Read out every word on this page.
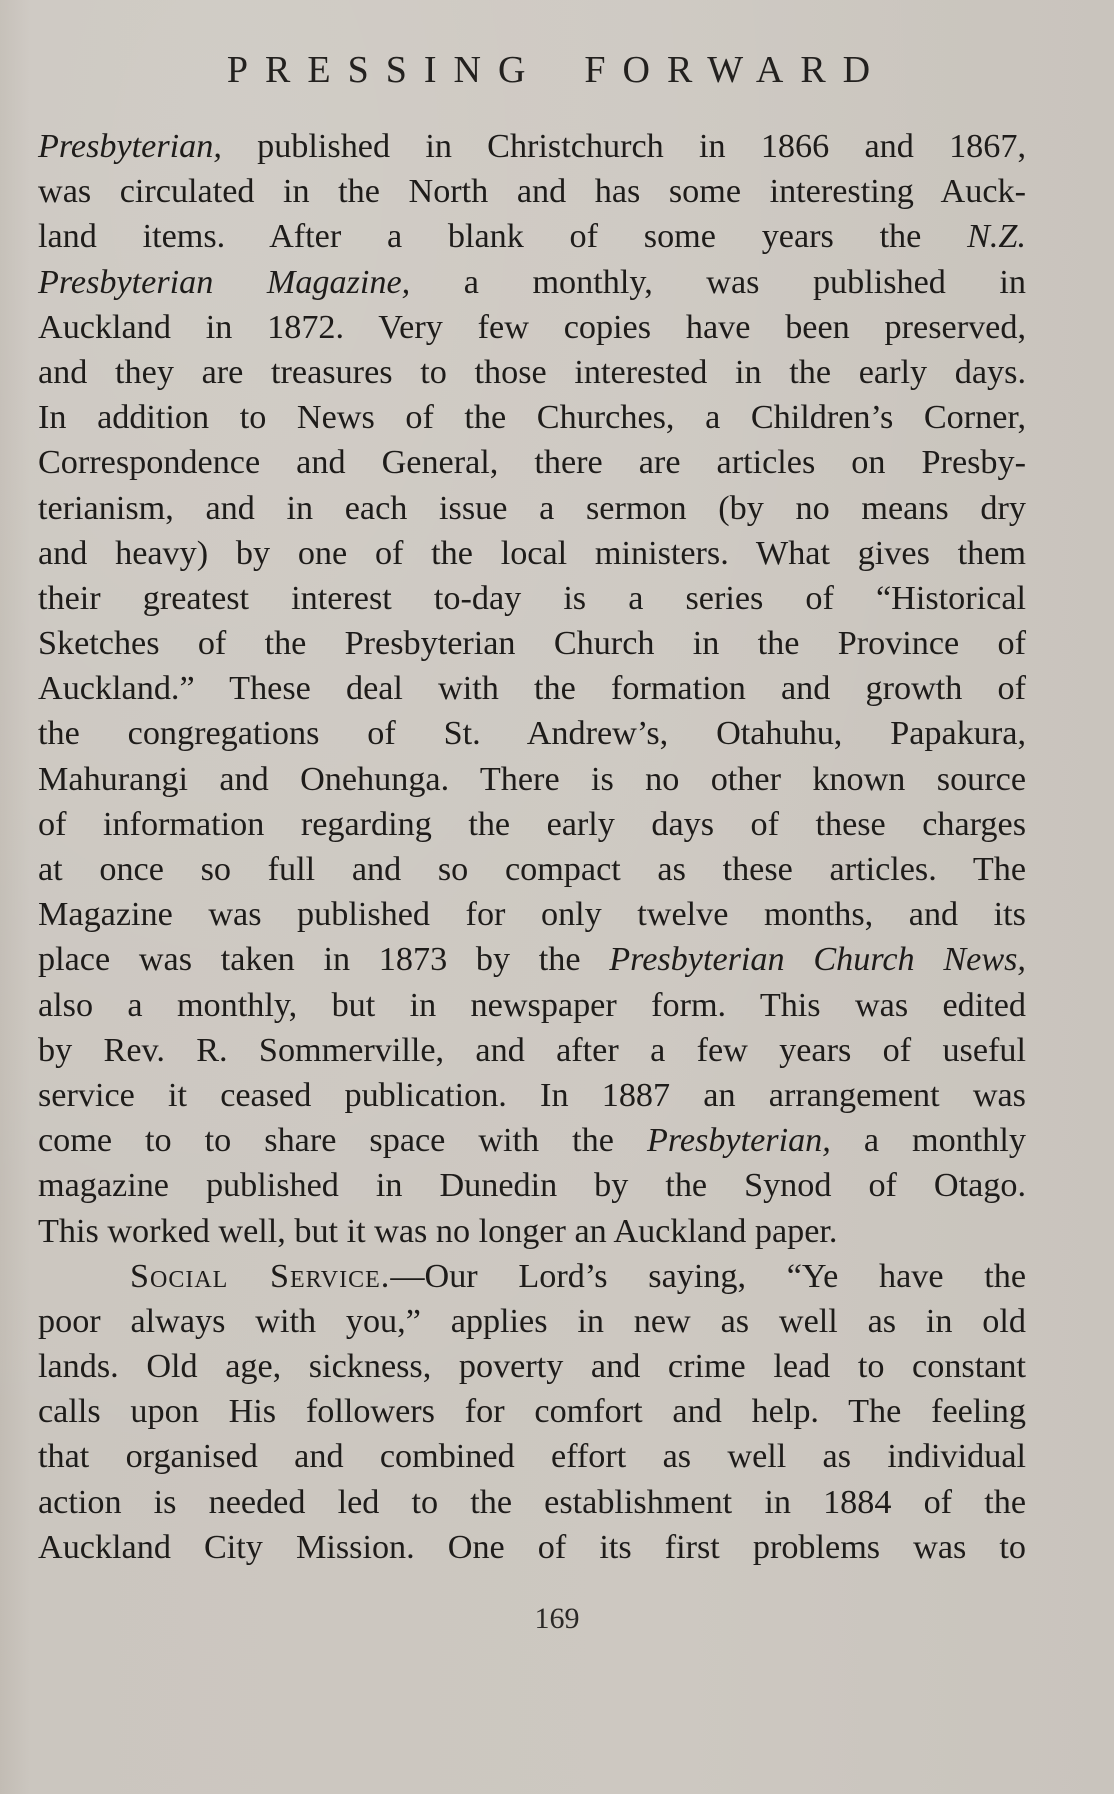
PRESSING FORWARD
Presbyterian, published in Christchurch in 1866 and 1867,
was circulated in the North and has some interesting Auck-
land items. After a blank of some years the N.Z.
Presbyterian Magazine, a monthly, was published in
Auckland in 1872. Very few copies have been preserved,
and they are treasures to those interested in the early days.
In addition to News of the Churches, a Children’s Corner,
Correspondence and General, there are articles on Presby-
terianism, and in each issue a sermon (by no means dry
and heavy) by one of the local ministers. What gives them
their greatest interest to-day is a series of “Historical
Sketches of the Presbyterian Church in the Province of
Auckland.” These deal with the formation and growth of
the congregations of St. Andrew’s, Otahuhu, Papakura,
Mahurangi and Onehunga. There is no other known source
of information regarding the early days of these charges
at once so full and so compact as these articles. The
Magazine was published for only twelve months, and its
place was taken in 1873 by the Presbyterian Church News,
also a monthly, but in newspaper form. This was edited
by Rev. R. Sommerville, and after a few years of useful
service it ceased publication. In 1887 an arrangement was
come to to share space with the Presbyterian, a monthly
magazine published in Dunedin by the Synod of Otago.
This worked well, but it was no longer an Auckland paper.
Social Service.—Our Lord’s saying, “Ye have the
poor always with you,” applies in new as well as in old
lands. Old age, sickness, poverty and crime lead to constant
calls upon His followers for comfort and help. The feeling
that organised and combined effort as well as individual
action is needed led to the establishment in 1884 of the
Auckland City Mission. One of its first problems was to
169
